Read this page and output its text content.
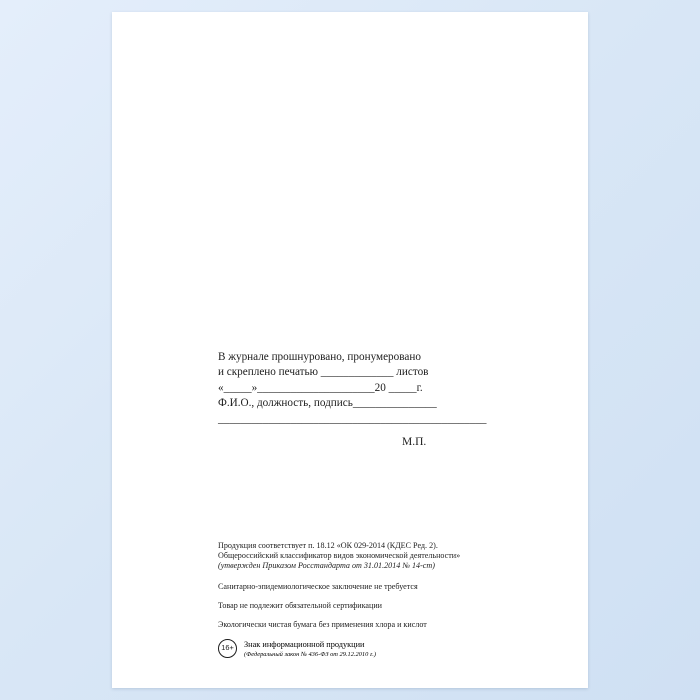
В журнале прошнуровано, пронумеровано
и скреплено печатью _____________ листов
«_____»_____________________20 _____г.
Ф.И.О., должность, подпись_______________
________________________________________________
М.П.
Продукция соответствует п. 18.12 «ОК 029-2014 (КДЕС Ред. 2).
Общероссийский классификатор видов экономической деятельности»
(утвержден Приказом Росстандарта от 31.01.2014 № 14-ст)
Санитарно-эпидемиологическое заключение не требуется
Товар не подлежит обязательной сертификации
Экологически чистая бумага без применения хлора и кислот
16+	Знак информационной продукции
(Федеральный закон № 436-ФЗ от 29.12.2010 г.)
